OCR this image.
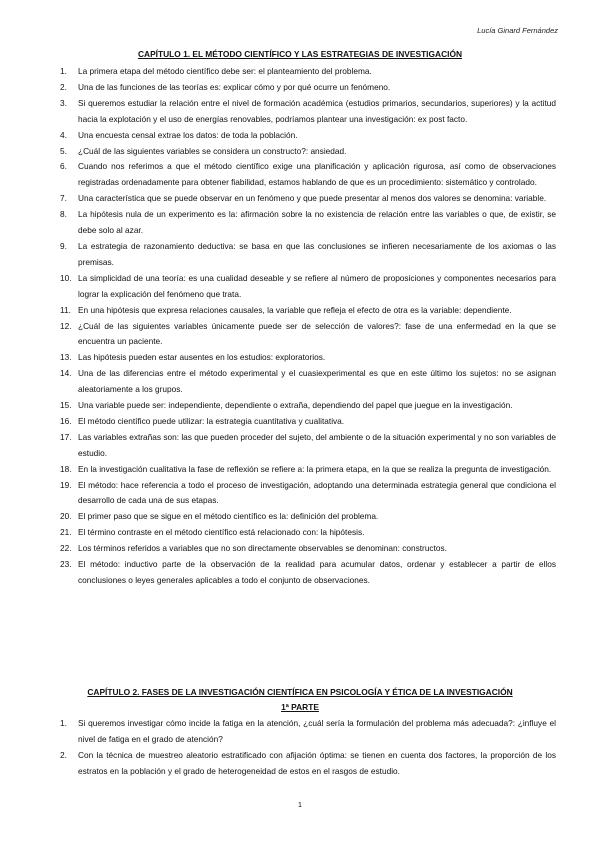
Lucía Ginard Fernández

CAPÍTULO 1. EL MÉTODO CIENTÍFICO Y LAS ESTRATEGIAS DE INVESTIGACIÓN

1. La primera etapa del método científico debe ser: el planteamiento del problema.
2. Una de las funciones de las teorías es: explicar cómo y por qué ocurre un fenómeno.
3. Si queremos estudiar la relación entre el nivel de formación académica (estudios primarios, secundarios, superiores) y la actitud hacia la explotación y el uso de energías renovables, podríamos plantear una investigación: ex post facto.
4. Una encuesta censal extrae los datos: de toda la población.
5. ¿Cuál de las siguientes variables se considera un constructo?: ansiedad.
6. Cuando nos referimos a que el método científico exige una planificación y aplicación rigurosa, así como de observaciones registradas ordenadamente para obtener fiabilidad, estamos hablando de que es un procedimiento: sistemático y controlado.
7. Una característica que se puede observar en un fenómeno y que puede presentar al menos dos valores se denomina: variable.
8. La hipótesis nula de un experimento es la: afirmación sobre la no existencia de relación entre las variables o que, de existir, se debe solo al azar.
9. La estrategia de razonamiento deductiva: se basa en que las conclusiones se infieren necesariamente de los axiomas o las premisas.
10. La simplicidad de una teoría: es una cualidad deseable y se refiere al número de proposiciones y componentes necesarios para lograr la explicación del fenómeno que trata.
11. En una hipótesis que expresa relaciones causales, la variable que refleja el efecto de otra es la variable: dependiente.
12. ¿Cuál de las siguientes variables únicamente puede ser de selección de valores?: fase de una enfermedad en la que se encuentra un paciente.
13. Las hipótesis pueden estar ausentes en los estudios: exploratorios.
14. Una de las diferencias entre el método experimental y el cuasiexperimental es que en este último los sujetos: no se asignan aleatoriamente a los grupos.
15. Una variable puede ser: independiente, dependiente o extraña, dependiendo del papel que juegue en la investigación.
16. El método científico puede utilizar: la estrategia cuantitativa y cualitativa.
17. Las variables extrañas son: las que pueden proceder del sujeto, del ambiente o de la situación experimental y no son variables de estudio.
18. En la investigación cualitativa la fase de reflexión se refiere a: la primera etapa, en la que se realiza la pregunta de investigación.
19. El método: hace referencia a todo el proceso de investigación, adoptando una determinada estrategia general que condiciona el desarrollo de cada una de sus etapas.
20. El primer paso que se sigue en el método científico es la: definición del problema.
21. El término contraste en el método científico está relacionado con: la hipótesis.
22. Los términos referidos a variables que no son directamente observables se denominan: constructos.
23. El método: inductivo parte de la observación de la realidad para acumular datos, ordenar y establecer a partir de ellos conclusiones o leyes generales aplicables a todo el conjunto de observaciones.

CAPÍTULO 2. FASES DE LA INVESTIGACIÓN CIENTÍFICA EN PSICOLOGÍA Y ÉTICA DE LA INVESTIGACIÓN

1ª PARTE
1. Si queremos investigar cómo incide la fatiga en la atención, ¿cuál sería la formulación del problema más adecuada?: ¿influye el nivel de fatiga en el grado de atención?
2. Con la técnica de muestreo aleatorio estratificado con afijación óptima: se tienen en cuenta dos factores, la proporción de los estratos en la población y el grado de heterogeneidad de estos en el rasgos de estudio.
1
